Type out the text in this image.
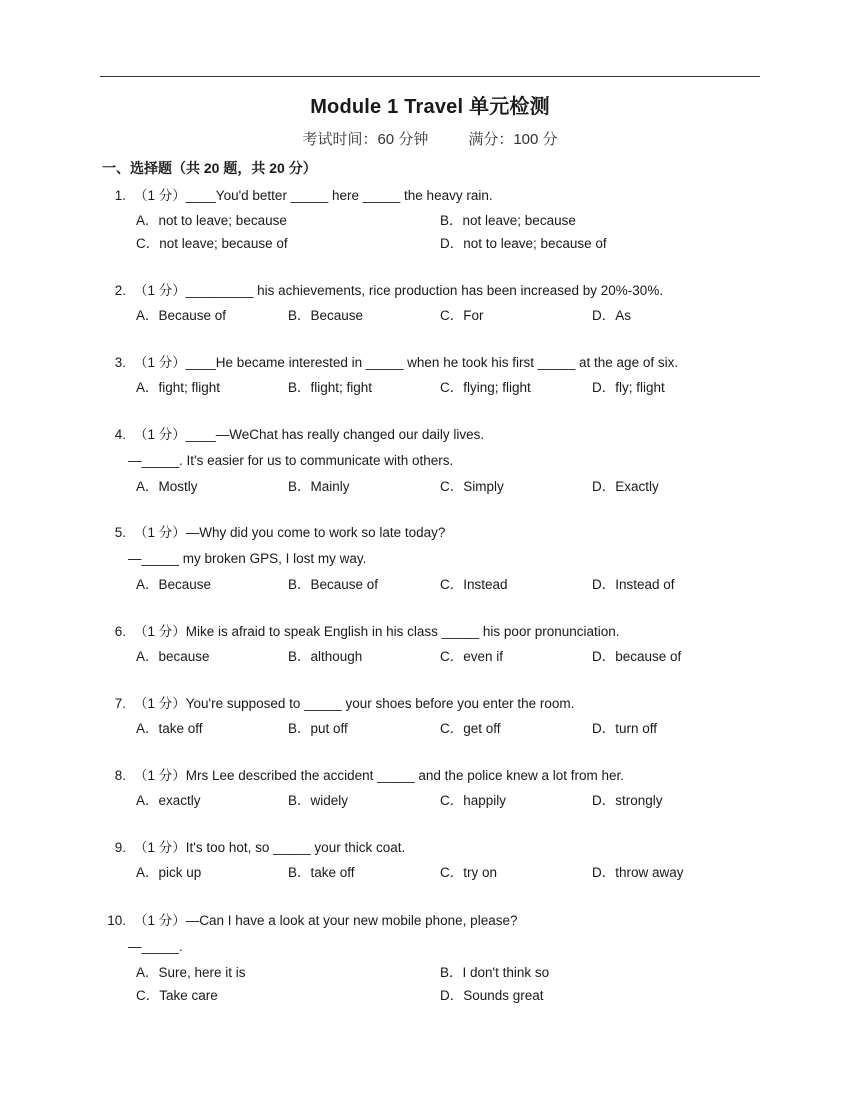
Module 1 Travel 单元检测
考试时间：60 分钟	满分：100 分
一、选择题（共 20 题，共 20 分）
1. （1 分）____You'd better _____ here _____ the heavy rain.
A．not to leave; because	B．not leave; because
C．not leave; because of	D．not to leave; because of
2. （1 分）_________ his achievements, rice production has been increased by 20%-30%.
A．Because of	B．Because	C．For	D．As
3. （1 分）____He became interested in _____ when he took his first _____ at the age of six.
A．fight; flight	B．flight; fight	C．flying; flight	D．fly; flight
4. （1 分）____—WeChat has really changed our daily lives.
—_____. It's easier for us to communicate with others.
A．Mostly	B．Mainly	C．Simply	D．Exactly
5. （1 分）—Why did you come to work so late today?
—_____ my broken GPS, I lost my way.
A．Because	B．Because of	C．Instead	D．Instead of
6. （1 分）Mike is afraid to speak English in his class _____ his poor pronunciation.
A．because	B．although	C．even if	D．because of
7. （1 分）You're supposed to _____ your shoes before you enter the room.
A．take off	B．put off	C．get off	D．turn off
8. （1 分）Mrs Lee described the accident _____ and the police knew a lot from her.
A．exactly	B．widely	C．happily	D．strongly
9. （1 分）It's too hot, so _____ your thick coat.
A．pick up	B．take off	C．try on	D．throw away
10. （1 分）—Can I have a look at your new mobile phone, please?
—_____.
A．Sure, here it is	B．I don't think so
C．Take care	D．Sounds great
